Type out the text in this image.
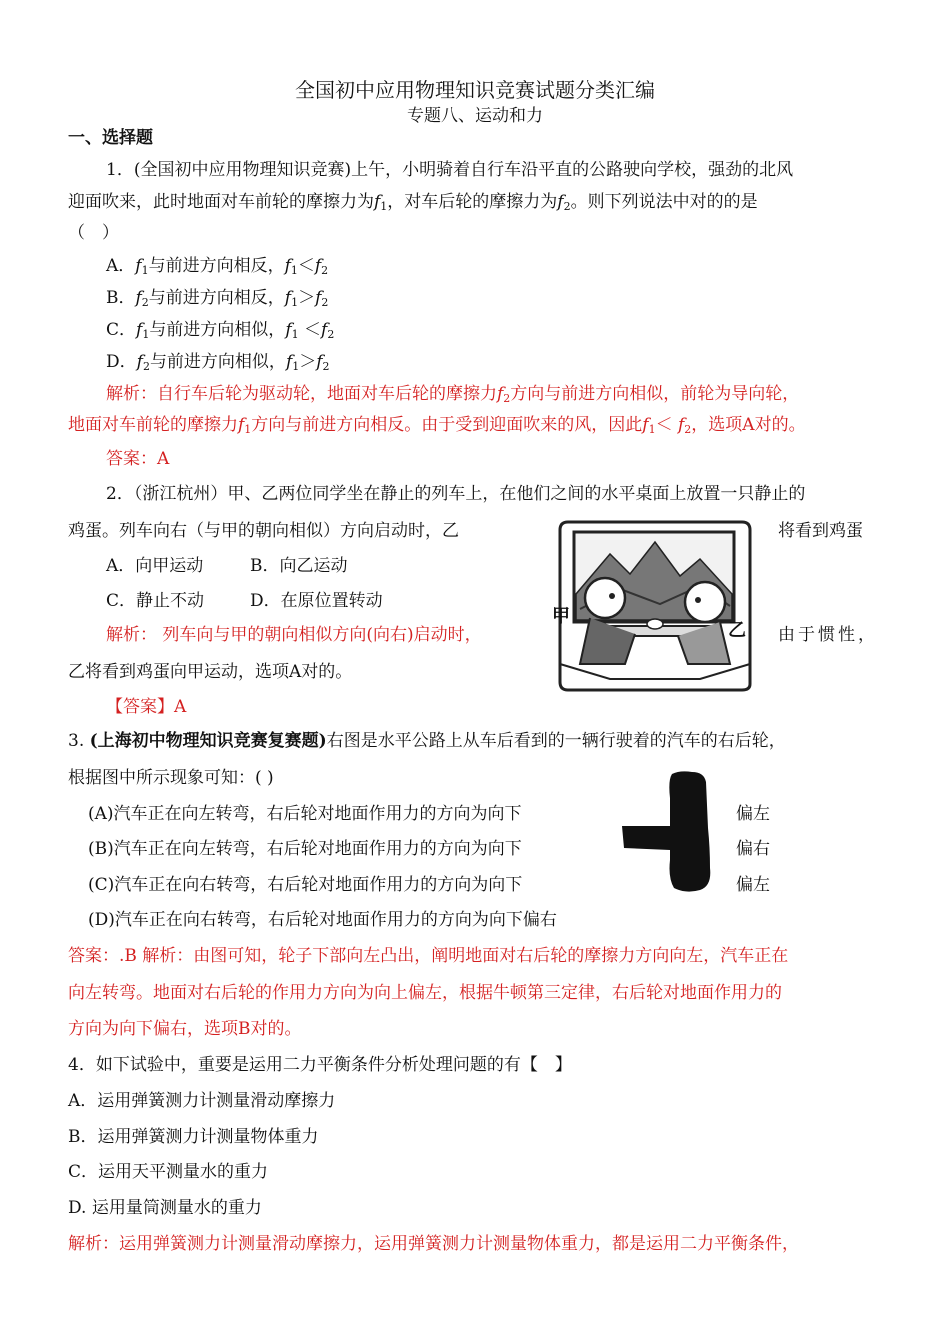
全国初中应用物理知识竞赛试题分类汇编
专题八、运动和力
一、选择题
1．(全国初中应用物理知识竞赛)上午，小明骑着自行车沿平直的公路驶向学校，强劲的北风
迎面吹来，此时地面对车前轮的摩擦力为$f_1$，对车后轮的摩擦力为$f_2$。则下列说法中对的的是
（　）
A．$f_1$与前进方向相反，$f_1<f_2$
B．$f_2$与前进方向相反，$f_1>f_2$
C．$f_1$与前进方向相似，$f_1 <f_2$
D．$f_2$与前进方向相似，$f_1>f_2$
解析：自行车后轮为驱动轮，地面对车后轮的摩擦力$f_2$方向与前进方向相似，前轮为导向轮，
地面对车前轮的摩擦力$f_1$方向与前进方向相反。由于受到迎面吹来的风，因此$f_1< f_2$，选项A对的。
答案：A
2．（浙江杭州）甲、乙两位同学坐在静止的列车上，在他们之间的水平桌面上放置一只静止的
鸡蛋。列车向右（与甲的朝向相似）方向启动时，乙	将看到鸡蛋
A．向甲运动	B．向乙运动
C．静止不动	D．在原位置转动
解析： 列车向与甲的朝向相似方向(向右)启动时，	由于惯性，
乙将看到鸡蛋向甲运动，选项A对的。
【答案】A
甲
乙
3. (上海初中物理知识竞赛复赛题)右图是水平公路上从车后看到的一辆行驶着的汽车的右后轮，
根据图中所示现象可知：( )
(A)汽车正在向左转弯，右后轮对地面作用力的方向为向下	偏左
(B)汽车正在向左转弯，右后轮对地面作用力的方向为向下	偏右
(C)汽车正在向右转弯，右后轮对地面作用力的方向为向下	偏左
(D)汽车正在向右转弯，右后轮对地面作用力的方向为向下偏右
答案：.B 解析：由图可知，轮子下部向左凸出，阐明地面对右后轮的摩擦力方向向左，汽车正在
向左转弯。地面对右后轮的作用力方向为向上偏左，根据牛顿第三定律，右后轮对地面作用力的
方向为向下偏右，选项B对的。
4．如下试验中，重要是运用二力平衡条件分析处理问题的有【　】
A．运用弹簧测力计测量滑动摩擦力
B．运用弹簧测力计测量物体重力
C．运用天平测量水的重力
D. 运用量筒测量水的重力
解析：运用弹簧测力计测量滑动摩擦力，运用弹簧测力计测量物体重力，都是运用二力平衡条件，
